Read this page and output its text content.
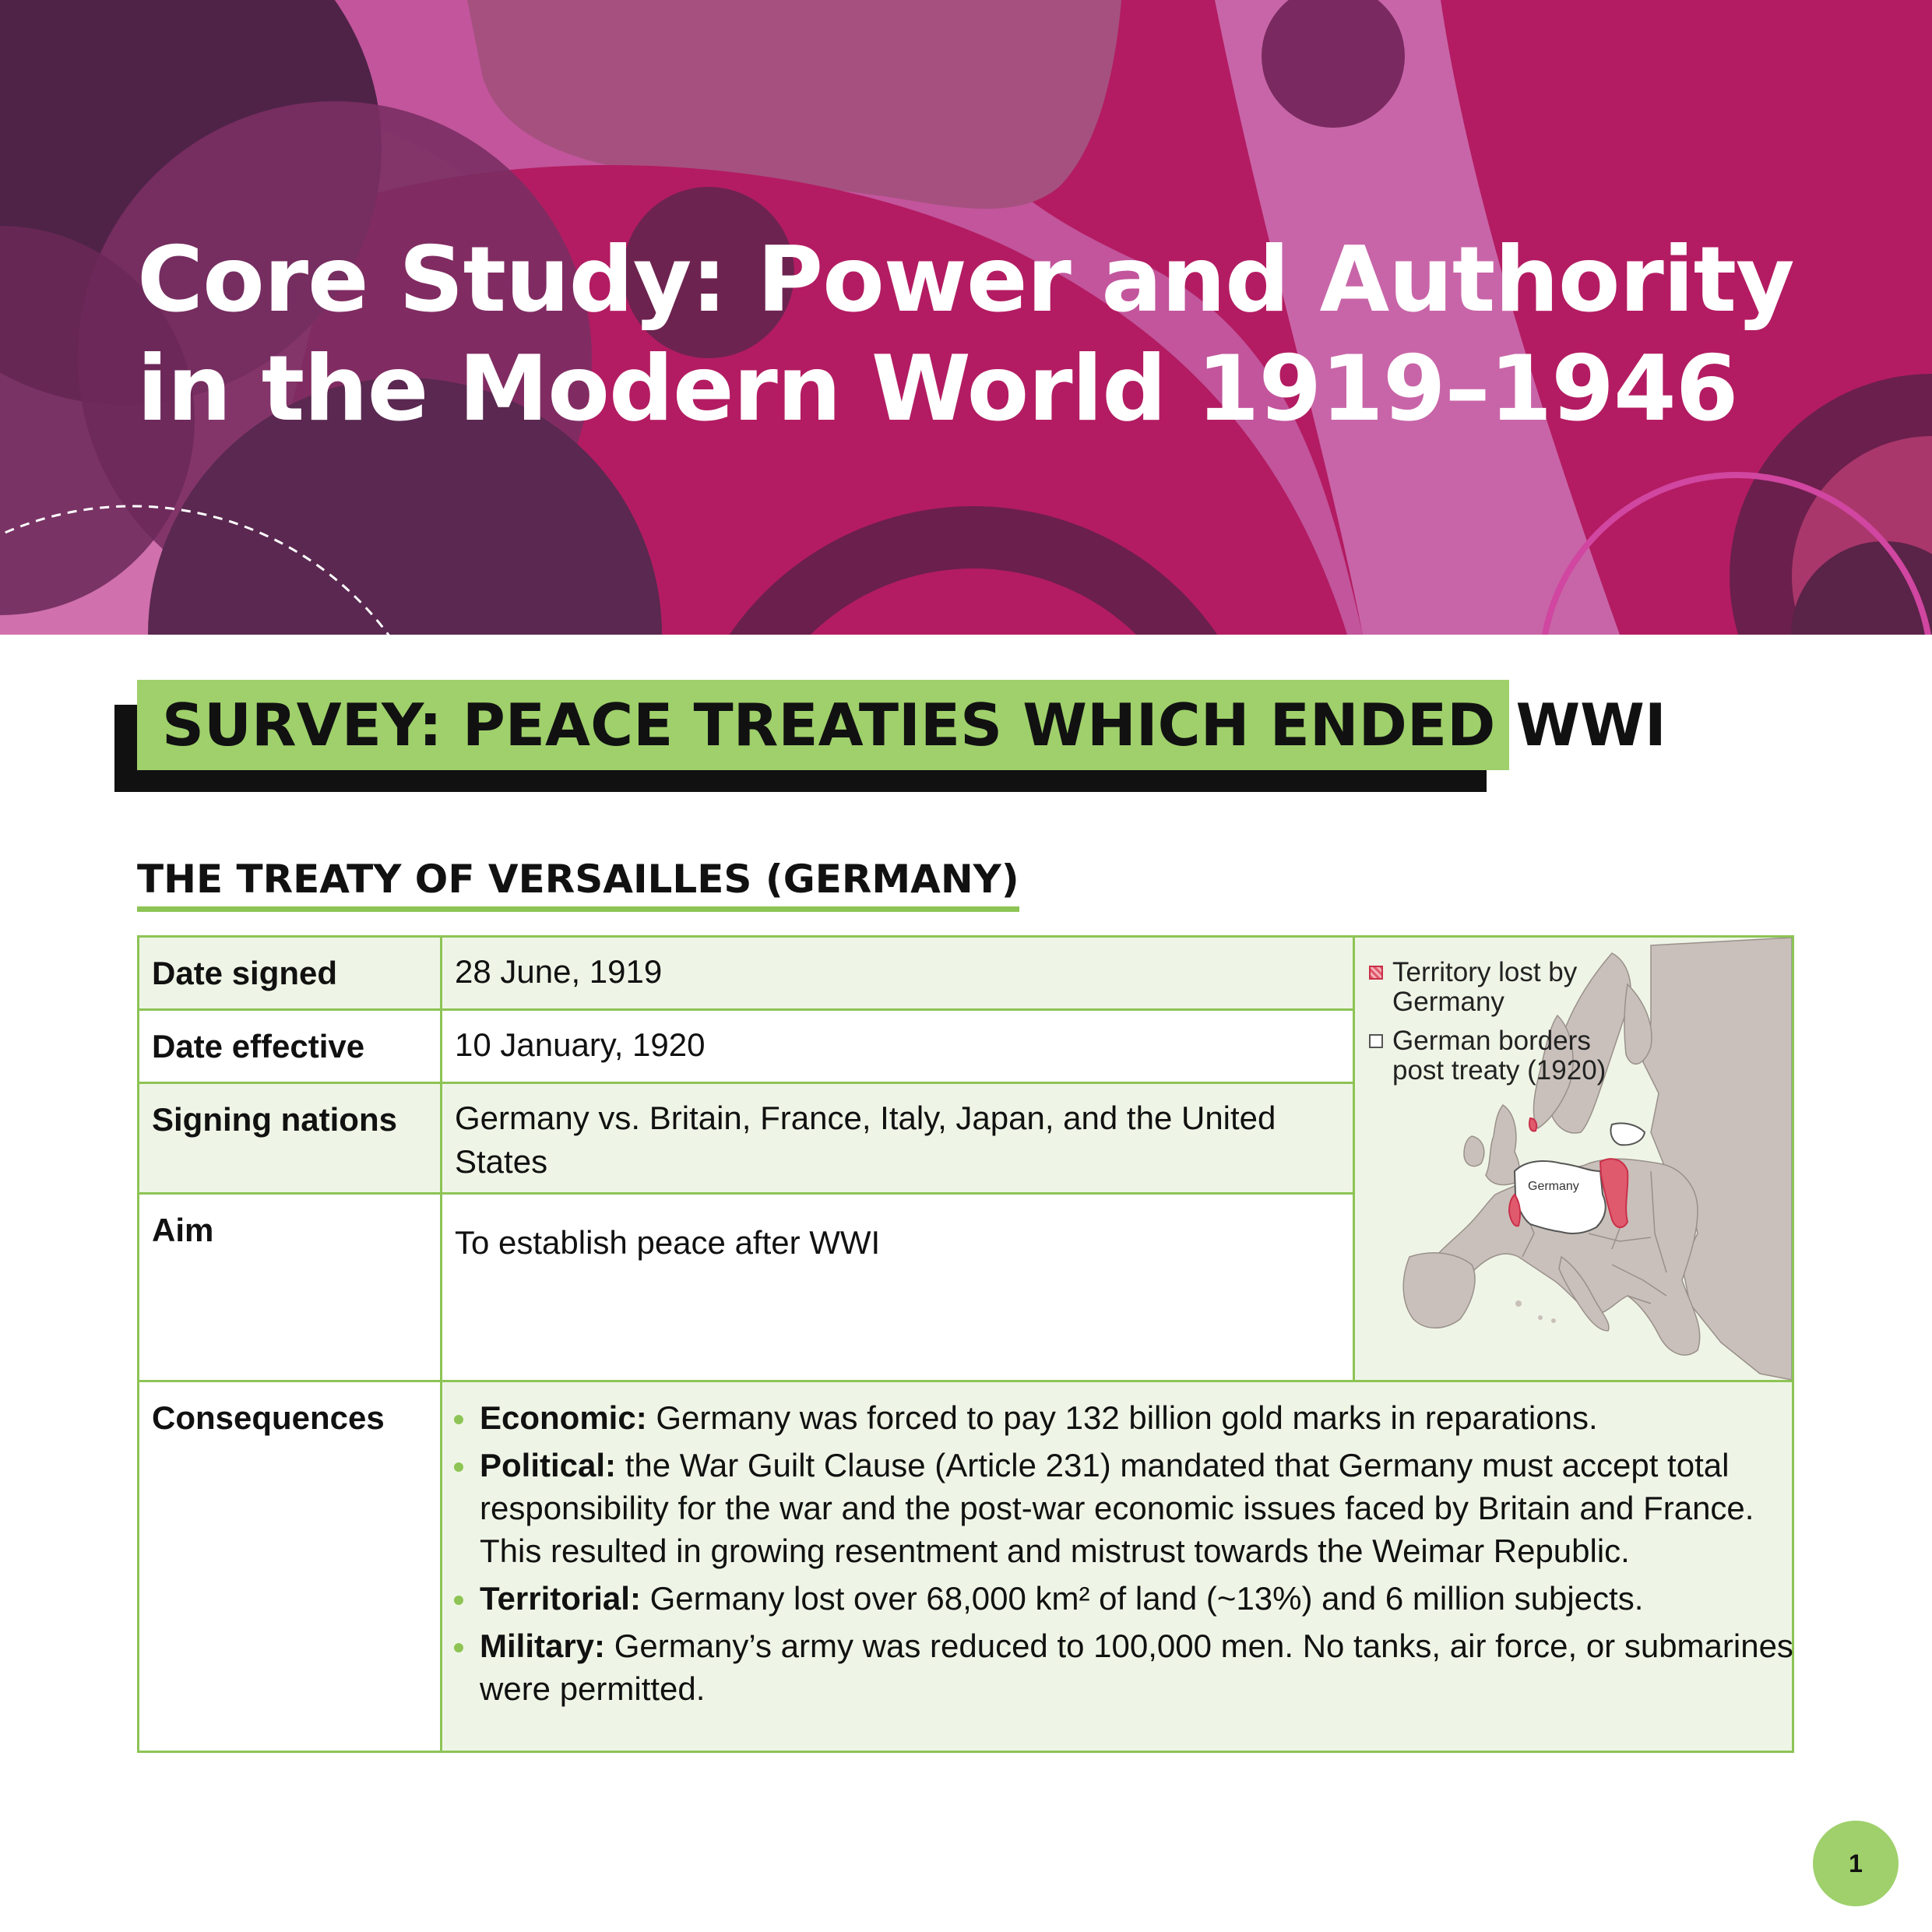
Core Study: Power and Authority in the Modern World 1919–1946
SURVEY: PEACE TREATIES WHICH ENDED WWI
THE TREATY OF VERSAILLES (GERMANY)
Date signed	28 June, 1919
Date effective	10 January, 1920
Signing nations	Germany vs. Britain, France, Italy, Japan, and the United States
Aim	To establish peace after WWI
Germany
Territory lost by Germany
German borders post treaty (1920)
Consequences	Economic: Germany was forced to pay 132 billion gold marks in reparations.
Political: the War Guilt Clause (Article 231) mandated that Germany must accept total responsibility for the war and the post-war economic issues faced by Britain and France. This resulted in growing resentment and mistrust towards the Weimar Republic.
Territorial: Germany lost over 68,000 km² of land (~13%) and 6 million subjects.
Military: Germany’s army was reduced to 100,000 men. No tanks, air force, or submarines were permitted.
1
